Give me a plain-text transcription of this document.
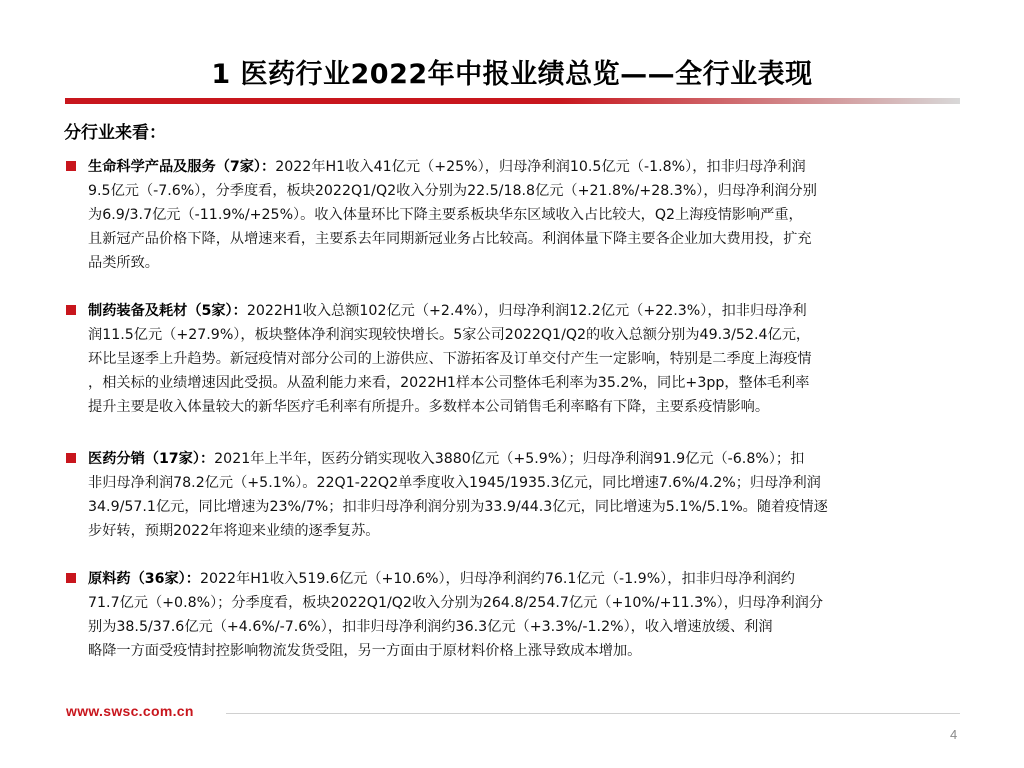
1 医药行业2022年中报业绩总览——全行业表现
分行业来看：
生命科学产品及服务（7家）：2022年H1收入41亿元（+25%），归母净利润10.5亿元（-1.8%），扣非归母净利润
9.5亿元（-7.6%），分季度看，板块2022Q1/Q2收入分别为22.5/18.8亿元（+21.8%/+28.3%），归母净利润分别
为6.9/3.7亿元（-11.9%/+25%）。收入体量环比下降主要系板块华东区域收入占比较大，Q2上海疫情影响严重，
且新冠产品价格下降，从增速来看，主要系去年同期新冠业务占比较高。利润体量下降主要各企业加大费用投，扩充
品类所致。
制药装备及耗材（5家）：2022H1收入总额102亿元（+2.4%），归母净利润12.2亿元（+22.3%），扣非归母净利
润11.5亿元（+27.9%），板块整体净利润实现较快增长。5家公司2022Q1/Q2的收入总额分别为49.3/52.4亿元，
环比呈逐季上升趋势。新冠疫情对部分公司的上游供应、下游拓客及订单交付产生一定影响，特别是二季度上海疫情
，相关标的业绩增速因此受损。从盈利能力来看，2022H1样本公司整体毛利率为35.2%，同比+3pp，整体毛利率
提升主要是收入体量较大的新华医疗毛利率有所提升。多数样本公司销售毛利率略有下降，主要系疫情影响。
医药分销（17家）：2021年上半年，医药分销实现收入3880亿元（+5.9%）；归母净利润91.9亿元（-6.8%）；扣
非归母净利润78.2亿元（+5.1%）。22Q1-22Q2单季度收入1945/1935.3亿元，同比增速7.6%/4.2%；归母净利润
34.9/57.1亿元，同比增速为23%/7%；扣非归母净利润分别为33.9/44.3亿元，同比增速为5.1%/5.1%。随着疫情逐
步好转，预期2022年将迎来业绩的逐季复苏。
原料药（36家）：2022年H1收入519.6亿元（+10.6%），归母净利润约76.1亿元（-1.9%），扣非归母净利润约
71.7亿元（+0.8%）；分季度看，板块2022Q1/Q2收入分别为264.8/254.7亿元（+10%/+11.3%），归母净利润分
别为38.5/37.6亿元（+4.6%/-7.6%），扣非归母净利润约36.3亿元（+3.3%/-1.2%），收入增速放缓、利润
略降一方面受疫情封控影响物流发货受阻，另一方面由于原材料价格上涨导致成本增加。
www.swsc.com.cn
4
